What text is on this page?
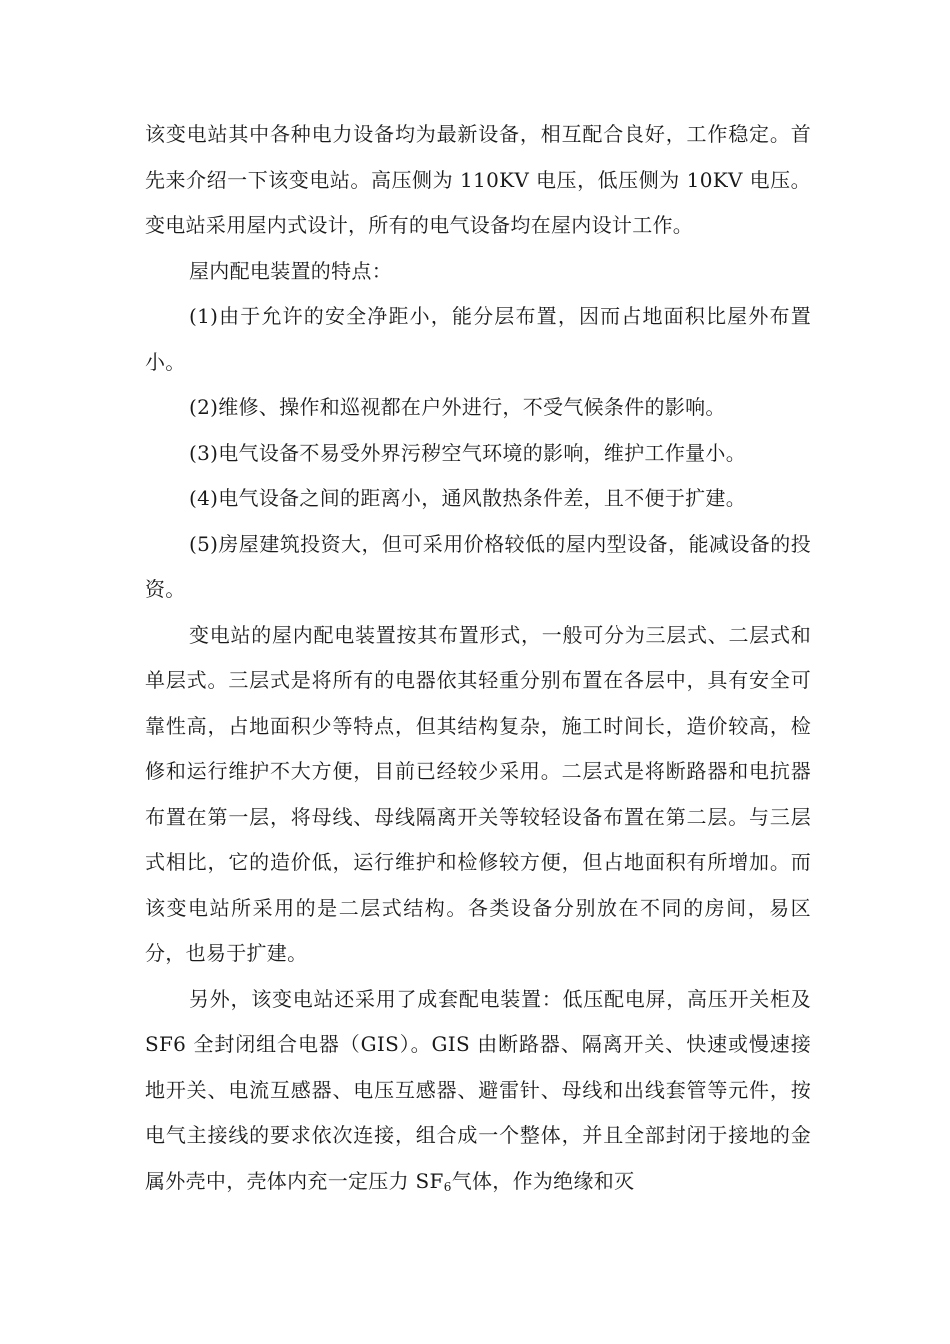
该变电站其中各种电力设备均为最新设备，相互配合良好，工作稳定。首先来介绍一下该变电站。高压侧为 110KV 电压，低压侧为 10KV 电压。变电站采用屋内式设计，所有的电气设备均在屋内设计工作。

屋内配电装置的特点：

(1)由于允许的安全净距小，能分层布置，因而占地面积比屋外布置小。

(2)维修、操作和巡视都在户外进行，不受气候条件的影响。

(3)电气设备不易受外界污秽空气环境的影响，维护工作量小。

(4)电气设备之间的距离小，通风散热条件差，且不便于扩建。

(5)房屋建筑投资大，但可采用价格较低的屋内型设备，能减设备的投资。

变电站的屋内配电装置按其布置形式，一般可分为三层式、二层式和单层式。三层式是将所有的电器依其轻重分别布置在各层中，具有安全可靠性高，占地面积少等特点，但其结构复杂，施工时间长，造价较高，检修和运行维护不大方便，目前已经较少采用。二层式是将断路器和电抗器布置在第一层，将母线、母线隔离开关等较轻设备布置在第二层。与三层式相比，它的造价低，运行维护和检修较方便，但占地面积有所增加。而该变电站所采用的是二层式结构。各类设备分别放在不同的房间，易区分，也易于扩建。

另外，该变电站还采用了成套配电装置：低压配电屏，高压开关柜及 SF6 全封闭组合电器（GIS）。GIS 由断路器、隔离开关、快速或慢速接地开关、电流互感器、电压互感器、避雷针、母线和出线套管等元件，按电气主接线的要求依次连接，组合成一个整体，并且全部封闭于接地的金属外壳中，壳体内充一定压力 $SF_6$气体，作为绝缘和灭
